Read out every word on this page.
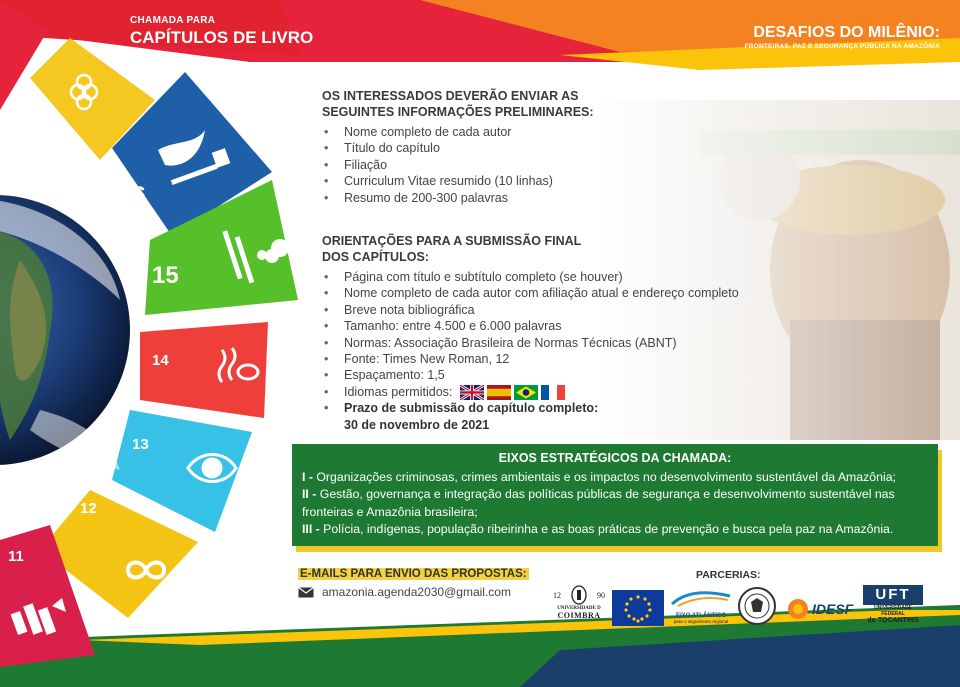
17
16
15
14
13
12
11
CHAMADA PARA
CAPÍTULOS DE LIVRO	DESAFIOS DO MILÊNIO:
FRONTEIRAS, PAZ E SEGURANÇA PÚBLICA NA AMAZÔNIA
OS INTERESSADOS DEVERÃO ENVIAR AS
SEGUINTES INFORMAÇÕES PRELIMINARES:
• Nome completo de cada autor
• Título do capítulo
• Filiação
• Curriculum Vitae resumido (10 linhas)
• Resumo de 200-300 palavras
ORIENTAÇÕES PARA A SUBMISSÃO FINAL
DOS CAPÍTULOS:
• Página com título e subtítulo completo (se houver)
• Nome completo de cada autor com afiliação atual e endereço completo
• Breve nota bibliográfica
• Tamanho: entre 4.500 e 6.000 palavras
• Normas: Associação Brasileira de Normas Técnicas (ABNT)
• Fonte: Times New Roman, 12
• Espaçamento: 1,5
• Idiomas permitidos:
• Prazo de submissão do capítulo completo:
30 de novembro de 2021
EIXOS ESTRATÉGICOS DA CHAMADA:

I - Organizações criminosas, crimes ambientais e os impactos no desenvolvimento sustentável da Amazônia;

II - Gestão, governança e integração das políticas públicas de segurança e desenvolvimento sustentável nas fronteiras e Amazônia brasileira;

III - Polícia, indígenas, população ribeirinha e as boas práticas de prevenção e busca pela paz na Amazônia.

E-MAILS PARA ENVIO DAS PROPOSTAS:
amazonia.agenda2030@gmail.com
PARCERIAS:
12	90
UNIVERSIDADE D
COIMBRA	EIXO ATLÂNTICO
para o seguimento regional
IDESF
UFT
UNIVERSIDADE FEDERAL
do TOCANTINS
